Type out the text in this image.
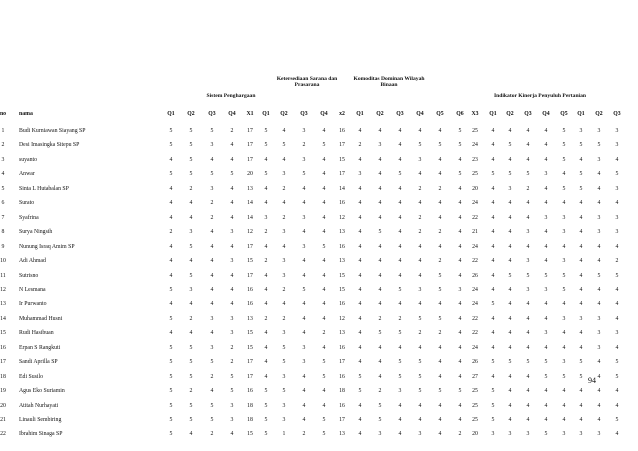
Sistem Penghargaan
Ketersediaan Sarana dan
Prasarana
Komoditas Dominan Wilayah
Binaan
Indikator Kinerja Penyuluh Pertanian
no	nama	Q1	Q2	Q3	Q4	X1	Q1	Q2	Q3	Q4	x2	Q1	Q2	Q3	Q4	Q5	Q6	X3	Q1	Q2	Q3	Q4	Q5	Q1	Q2	Q3
1	Budi Kurniawan Siayang SP	5	5	5	2	17	5	4	3	4	16	4	4	4	4	4	5	25	4	4	4	4	5	3	3	3
2	Desi Imasingka Sitepu SP	5	5	3	4	17	5	5	2	5	17	2	3	4	5	5	5	24	4	5	4	4	5	5	5	3
3	suyanto	4	5	4	4	17	4	4	3	4	15	4	4	4	3	4	4	23	4	4	4	4	5	4	3	4
4	Anwar	5	5	5	5	20	5	3	5	4	17	3	4	5	4	4	5	25	5	5	5	3	4	5	4	5
5	Sinta L Hutabalan SP	4	2	3	4	13	4	2	4	4	14	4	4	4	2	2	4	20	4	3	2	4	5	5	4	3
6	Surato	4	4	2	4	14	4	4	4	4	16	4	4	4	4	4	4	24	4	4	4	4	4	4	4	4
7	Syafrina	4	4	2	4	14	3	2	3	4	12	4	4	4	2	4	4	22	4	4	4	3	3	4	3	3
8	Surya Ningsih	2	3	4	3	12	2	3	4	4	13	4	5	4	2	2	4	21	4	4	3	4	3	4	3	3
9	Nunung Israq Amim SP	4	5	4	4	17	4	4	3	5	16	4	4	4	4	4	4	24	4	4	4	4	4	4	4	4
10	Adi Ahmad	4	4	4	3	15	2	3	4	4	13	4	4	4	4	2	4	22	4	4	3	4	3	4	4	2
11	Sutrisno	4	5	4	4	17	4	3	4	4	15	4	4	4	4	5	4	26	4	5	5	5	5	4	5	5
12	N Lesmana	5	3	4	4	16	4	2	5	4	15	4	4	5	3	5	3	24	4	4	3	3	5	4	4	4
13	Ir Purwanto	4	4	4	4	16	4	4	4	4	16	4	4	4	4	4	4	24	5	4	4	4	4	4	4	4
14	Muhammad Husni	5	2	3	3	13	2	2	4	4	12	4	2	2	5	5	4	22	4	4	4	4	3	3	3	4
15	Rudi Hasibuan	4	4	4	3	15	4	3	4	2	13	4	5	5	2	2	4	22	4	4	4	3	4	4	3	3
16	Erpan S Rangkuti	5	5	3	2	15	4	5	3	4	16	4	4	4	4	4	4	24	4	4	4	4	4	4	3	4
17	Sandi Aprilla SP	5	5	5	2	17	4	5	3	5	17	4	4	5	5	4	4	26	5	5	5	5	3	5	4	5
18	Edi Susilo	5	5	2	5	17	4	3	4	5	16	5	4	5	5	4	4	27	4	4	4	5	5	5	4	5
19	Agus Eko Suriamin	5	2	4	5	16	5	5	4	4	18	5	2	3	5	5	5	25	5	4	4	4	4	4	4	4
20	Atitah Nurhayati	5	5	5	3	18	5	3	4	4	16	4	5	4	4	4	4	25	5	4	4	4	4	4	4	4
21	Linauli Sembiring	5	5	5	3	18	5	3	4	5	17	4	5	4	4	4	4	25	5	4	4	4	4	4	4	5
22	Ibrahim Sinaga SP	5	4	2	4	15	5	1	2	5	13	4	3	4	3	4	2	20	3	3	3	5	3	3	3	4
94
